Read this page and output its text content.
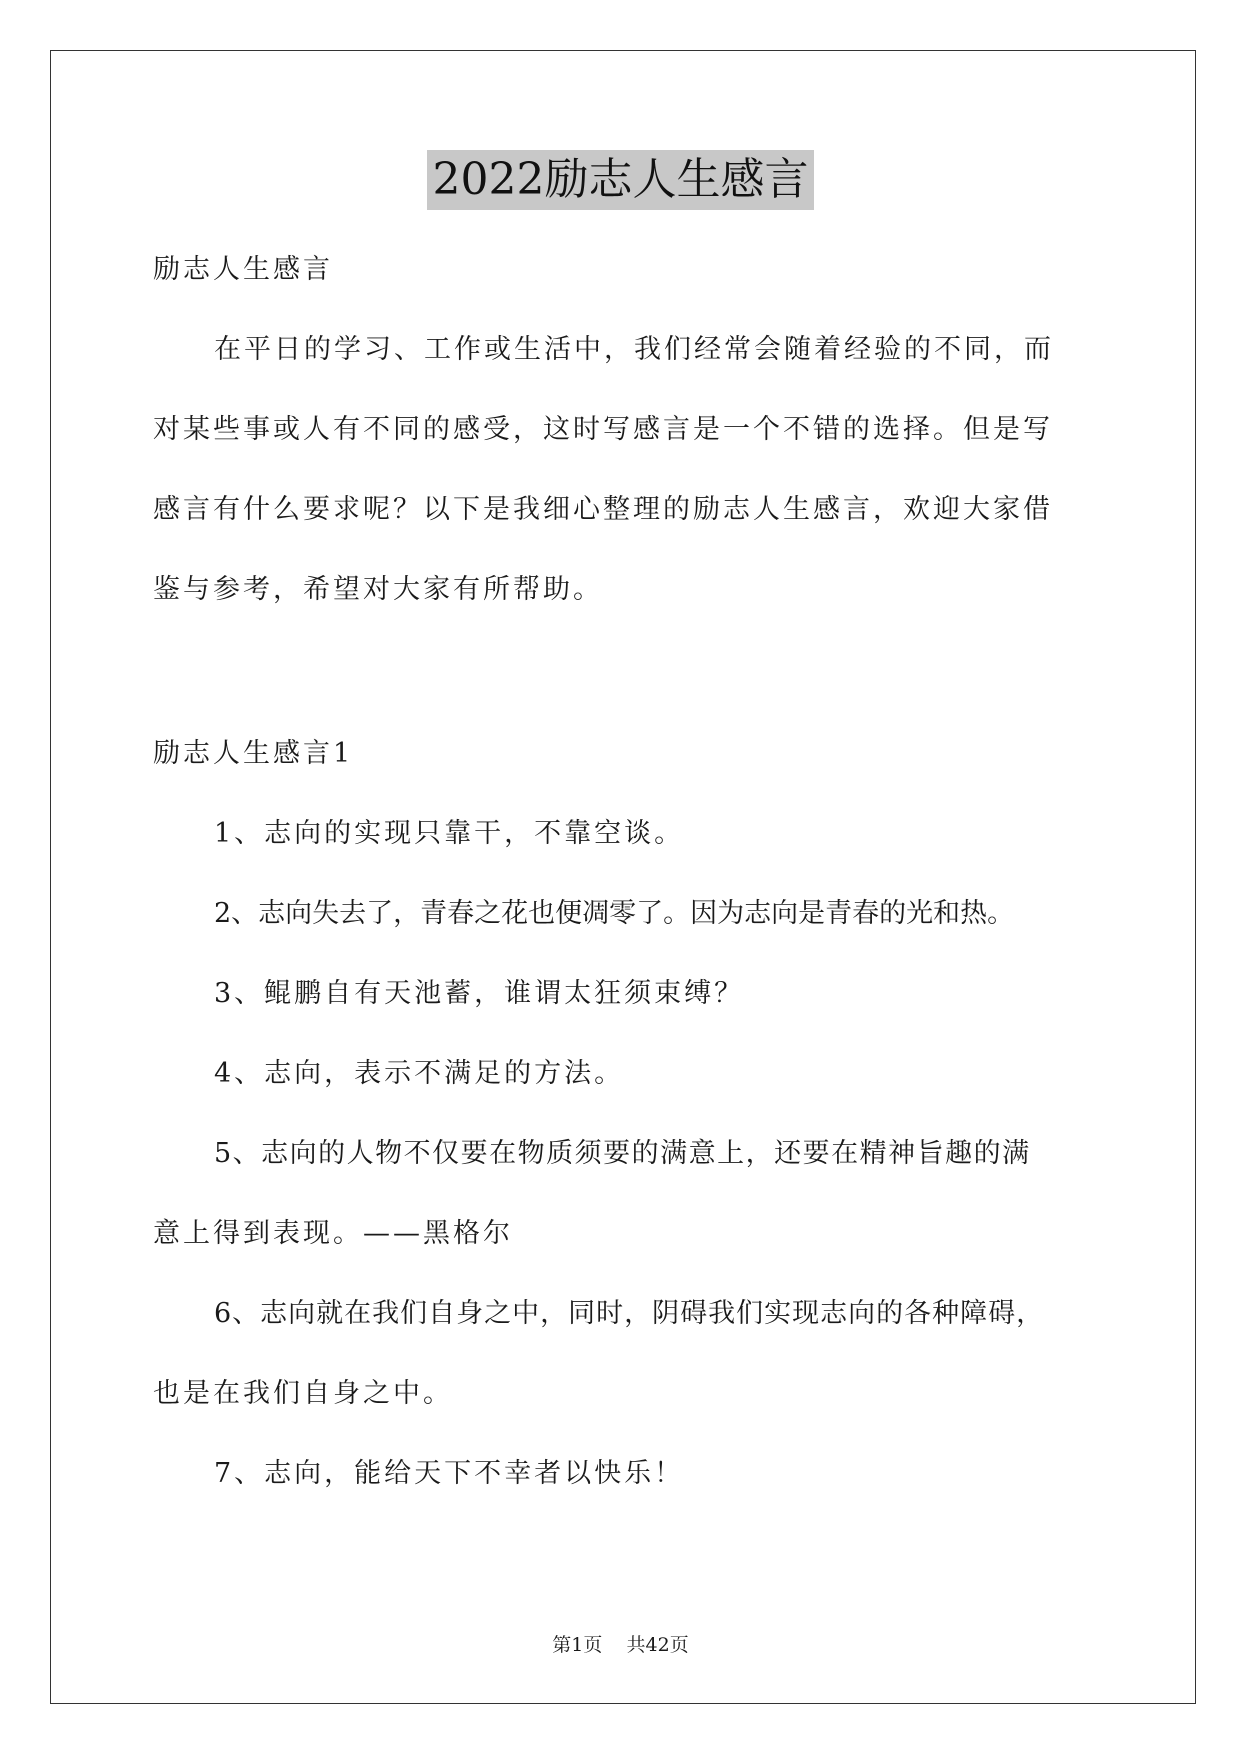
2022励志人生感言
励志人生感言
在平日的学习、工作或生活中，我们经常会随着经验的不同，而
对某些事或人有不同的感受，这时写感言是一个不错的选择。但是写
感言有什么要求呢？以下是我细心整理的励志人生感言，欢迎大家借
鉴与参考，希望对大家有所帮助。
励志人生感言1
1、志向的实现只靠干，不靠空谈。
2、志向失去了，青春之花也便凋零了。因为志向是青春的光和热。
3、鲲鹏自有天池蓄，谁谓太狂须束缚？
4、志向，表示不满足的方法。
5、志向的人物不仅要在物质须要的满意上，还要在精神旨趣的满
意上得到表现。——黑格尔
6、志向就在我们自身之中，同时，阴碍我们实现志向的各种障碍，
也是在我们自身之中。
7、志向，能给天下不幸者以快乐！
第1页 共42页
